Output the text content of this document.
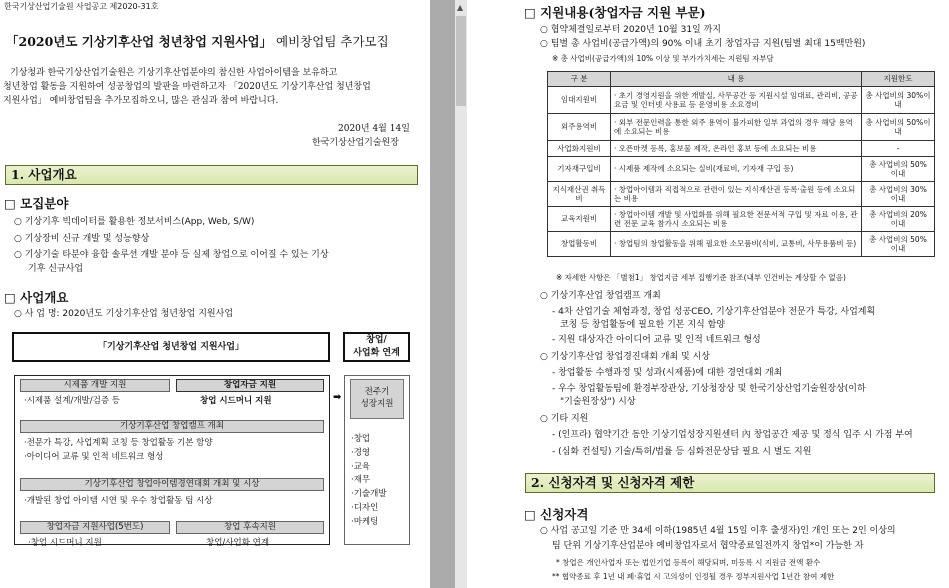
한국기상산업기술원 사업공고 제2020-31호
「2020년도 기상기후산업 청년창업 지원사업」 예비창업팀 추가모집
기상청과 한국기상산업기술원은 기상기후산업분야의 참신한 사업아이템을 보유하고
청년창업 활동을 지원하여 성공창업의 발판을 마련하고자 「2020년도 기상기후산업 청년창업
지원사업」 예비창업팀을 추가모집하오니, 많은 관심과 참여 바랍니다.
2020년 4월 14일
한국기상산업기술원장
1. 사업개요
□ 모집분야
○ 기상기후 빅데이터를 활용한 정보서비스(App, Web, S/W)
○ 기상장비 신규 개발 및 성능향상
○ 기상기술 타분야 융합 솔루션 개발 분야 등 실제 창업으로 이어질 수 있는 기상
기후 신규사업
□ 사업개요
○ 사 업 명: 2020년도 기상기후산업 청년창업 지원사업
「기상기후산업 청년창업 지원사업」
창업/
사업화 연계
시제품 개발 지원
·시제품 설계/개발/검증 등
창업자금 지원
창업 시드머니 지원
기상기후산업 창업캠프 개최
·전문가 특강, 사업계획 코칭 등 창업활동 기본 함양
·아이디어 교류 및 인적 네트워크 형성
기상기후산업 창업아이템경연대회 개최 및 시상
·개발된 창업 아이템 시연 및 우수 창업활동 팀 시상
창업자금 지원사업(5번도)
·창업 시드머니 지원
창업 후속지원
창업/사업화 연계
➡	전주기
성장지원
·창업
·경영
·교육
·재무
·기술개발
·디자인
·마케팅
▲	□ 지원내용(창업자금 지원 부문)
○ 협약체결일로부터 2020년 10월 31일 까지
○ 팀별 총 사업비(공급가액)의 90% 이내 초기 창업자금 지원(팀별 최대 15백만원)
※ 총 사업비(공급가액)의 10% 이상 및 부가가치세는 지원팀 자부담
구 분	내 용	지원한도
임대지원비	· 초기 경영지원을 위한 개발실, 사무공간 등 지원시설 임대료, 관리비, 공공요금 및 인터넷 사용료 등 운영비용 소요경비	총 사업비의 30%이내
외주용역비	· 외부 전문인력을 통한 외주 용역이 불가피한 일부 과업의 경우 해당 용역에 소요되는 비용	총 사업비의 50%이내
사업화지원비	· 오픈마켓 등록, 홍보물 제작, 온라인 홍보 등에 소요되는 비용	-
기자재구입비	· 시제품 제작에 소요되는 실비(재료비, 기자재 구입 등)	총 사업비의 50% 이내
지식재산권 취득비	· 창업아이템과 직접적으로 관련이 있는 지식재산권 등록·출원 등에 소요되는 비용	총 사업비의 30% 이내
교육지원비	· 창업아이템 개발 및 사업화를 위해 필요한 전문서적 구입 및 자료 이용, 관련 전문 교육 참가시 소요되는 비용	총 사업비의 20% 이내
창업활동비	· 창업팀의 창업활동을 위해 필요한 소모품비(식비, 교통비, 사무용품비 등)	총 사업비의 50% 이내
※ 자세한 사항은 「별첨1」 창업지금 세부 집행기준 참조(내부 인건비는 계상할 수 없음)
○ 기상기후산업 창업캠프 개최
- 4차 산업기술 체험과정, 창업 성공CEO, 기상기후산업분야 전문가 특강, 사업계획
코칭 등 창업활동에 필요한 기본 지식 함양
- 지원 대상자간 아이디어 교류 및 인적 네트워크 형성
○ 기상기후산업 창업경진대회 개최 및 시상
- 창업활동 수행과정 및 성과(시제품)에 대한 경연대회 개최
- 우수 창업활동팀에 환경부장관상, 기상청장상 및 한국기상산업기술원장상(이하
"기술원장상") 시상
○ 기타 지원
- (인프라) 협약기간 동안 기상기업성장지원센터 內 창업공간 제공 및 정식 입주 시 가점 부여
- (심화 컨설팅) 기술/특허/법률 등 심화전문상담 필요 시 별도 지원
2. 신청자격 및 신청자격 제한
□ 신청자격
○ 사업 공고일 기준 만 34세 이하(1985년 4월 15일 이후 출생자)인 개인 또는 2인 이상의
팀 단위 기상기후산업분야 예비창업자로서 협약종료일전까지 창업*이 가능한 자
* 창업은 개인사업자 또는 법인기업 등록이 해당되며, 미등록 시 지원금 전액 환수
** 협약종료 후 1년 내 폐·휴업 시 고의성이 인정될 경우 정부지원사업 1년간 참여 제한
